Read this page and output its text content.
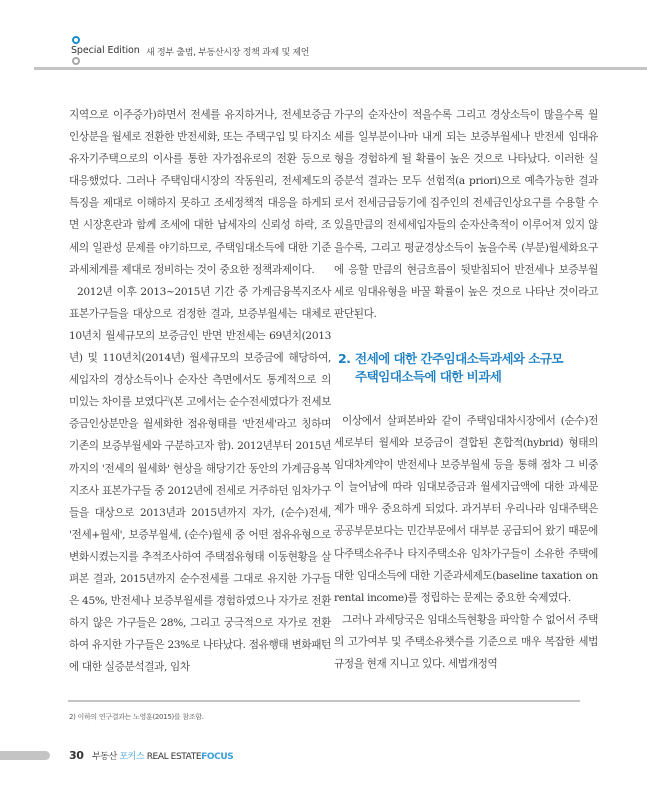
Special Edition 새 정부 출범, 부동산시장 정책 과제 및 제언

지역으로 이주증가)하면서 전세를 유지하거나, 전세보증금 인상분을 월세로 전환한 반전세화, 또는 주택구입 및 타지소유자기주택으로의 이사를 통한 자가점유로의 전환 등으로 대응했었다. 그러나 주택임대시장의 작동원리, 전세제도의 특징을 제대로 이해하지 못하고 조세정책적 대응을 하게되면 시장혼란과 함께 조세에 대한 납세자의 신뢰성 하락, 조세의 일관성 문제를 야기하므로, 주택임대소득에 대한 기준과세체계를 제대로 정비하는 것이 중요한 정책과제이다.

2012년 이후 2013~2015년 기간 중 가계금융복지조사 표본가구들을 대상으로 검정한 결과, 보증부월세는 대체로 10년치 월세규모의 보증금인 반면 반전세는 69년치(2013년) 및 110년치(2014년) 월세규모의 보증금에 해당하여, 세입자의 경상소득이나 순자산 측면에서도 통계적으로 의미있는 차이를 보였다$^{2)}$(본 고에서는 순수전세였다가 전세보증금인상분만을 월세화한 점유형태를 '반전세'라고 칭하며 기존의 보증부월세와 구분하고자 함). 2012년부터 2015년까지의 '전세의 월세화' 현상을 해당기간 동안의 가계금융복지조사 표본가구들 중 2012년에 전세로 거주하던 임차가구들을 대상으로 2013년과 2015년까지 자가, (순수)전세, '전세+월세', 보증부월세, (순수)월세 중 어떤 점유유형으로 변화시켰는지를 추적조사하여 주택점유형태 이동현황을 살펴본 결과, 2015년까지 순수전세를 그대로 유지한 가구들은 45%, 반전세나 보증부월세를 경험하였으나 자가로 전환하지 않은 가구들은 28%, 그리고 궁극적으로 자가로 전환하여 유지한 가구들은 23%로 나타났다. 점유행태 변화패턴에 대한 실증분석결과, 임차

가구의 순자산이 적을수록 그리고 경상소득이 많을수록 월세를 일부분이나마 내게 되는 보증부월세나 반전세 임대유형을 경험하게 될 확률이 높은 것으로 나타났다. 이러한 실증분석 결과는 모두 선험적(a priori)으로 예측가능한 결과로서 전세금급등기에 집주인의 전세금인상요구를 수용할 수 있을만큼의 전세세입자들의 순자산축적이 이루어져 있지 않을수록, 그리고 평균경상소득이 높을수록 (부분)월세화요구에 응할 만큼의 현금흐름이 뒷받침되어 반전세나 보증부월세로 임대유형을 바꿀 확률이 높은 것으로 나타난 것이라고 판단된다.

2. 전세에 대한 간주임대소득과세와 소규모
주택임대소득에 대한 비과세

이상에서 살펴본바와 같이 주택임대차시장에서 (순수)전세로부터 월세와 보증금이 결합된 혼합적(hybrid) 형태의 임대차계약이 반전세나 보증부월세 등을 통해 점차 그 비중이 늘어남에 따라 임대보증금과 월세지급액에 대한 과세문제가 매우 중요하게 되었다. 과거부터 우리나라 임대주택은 공공부문보다는 민간부문에서 대부분 공급되어 왔기 때문에 다주택소유주나 타지주택소유 임차가구들이 소유한 주택에 대한 임대소득에 대한 기준과세제도(baseline taxation on rental income)를 정립하는 문제는 중요한 숙제였다.

그러나 과세당국은 임대소득현황을 파악할 수 없어서 주택의 고가여부 및 주택소유챗수를 기준으로 매우 복잡한 세법규정을 현재 지니고 있다. 세법개정역

2) 이하의 연구결과는 노영훈(2015)를 참조함.
30 부동산 포커스 REAL ESTATEFOCUS
